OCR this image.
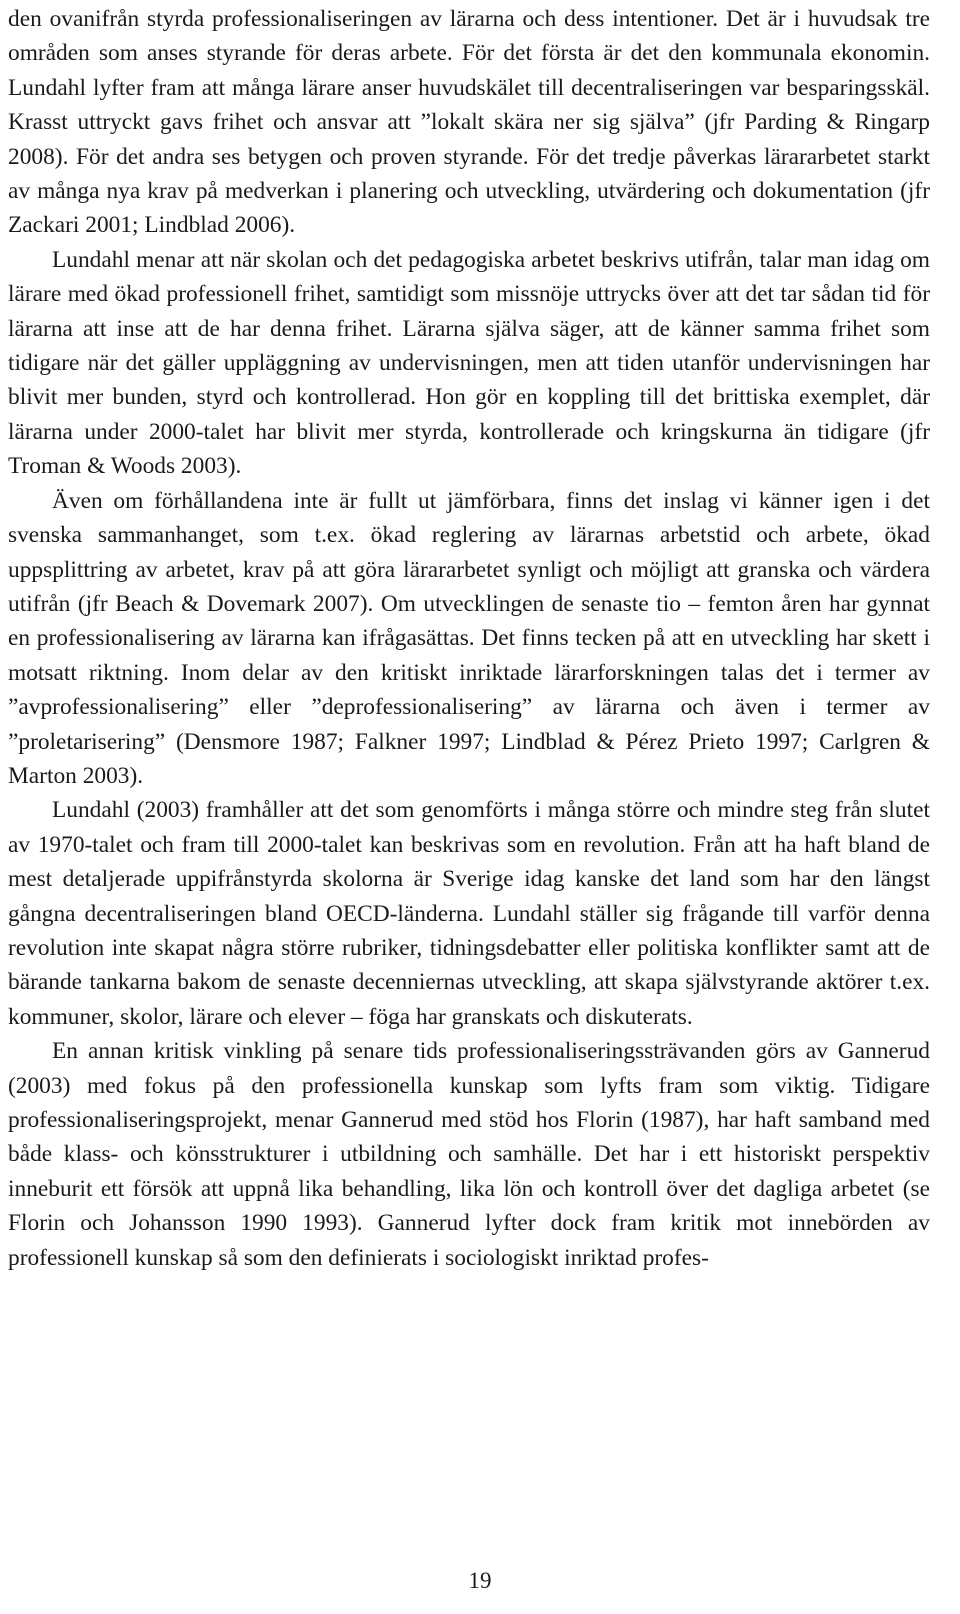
den ovanifrån styrda professionaliseringen av lärarna och dess intentioner. Det är i huvudsak tre områden som anses styrande för deras arbete. För det första är det den kommunala ekonomin. Lundahl lyfter fram att många lärare anser huvudskälet till decentraliseringen var besparingsskäl. Krasst uttryckt gavs frihet och ansvar att ”lokalt skära ner sig själva” (jfr Parding & Ringarp 2008). För det andra ses betygen och proven styrande. För det tredje påverkas lärararbetet starkt av många nya krav på medverkan i planering och utveckling, utvärdering och dokumentation (jfr Zackari 2001; Lindblad 2006).

Lundahl menar att när skolan och det pedagogiska arbetet beskrivs utifrån, talar man idag om lärare med ökad professionell frihet, samtidigt som missnöje uttrycks över att det tar sådan tid för lärarna att inse att de har denna frihet. Lärarna själva säger, att de känner samma frihet som tidigare när det gäller uppläggning av undervisningen, men att tiden utanför undervisningen har blivit mer bunden, styrd och kontrollerad. Hon gör en koppling till det brittiska exemplet, där lärarna under 2000-talet har blivit mer styrda, kontrollerade och kringskurna än tidigare (jfr Troman & Woods 2003).

Även om förhållandena inte är fullt ut jämförbara, finns det inslag vi känner igen i det svenska sammanhanget, som t.ex. ökad reglering av lärarnas arbetstid och arbete, ökad uppsplittring av arbetet, krav på att göra lärararbetet synligt och möjligt att granska och värdera utifrån (jfr Beach & Dovemark 2007). Om utvecklingen de senaste tio – femton åren har gynnat en professionalisering av lärarna kan ifrågasättas. Det finns tecken på att en utveckling har skett i motsatt riktning. Inom delar av den kritiskt inriktade lärarforskningen talas det i termer av ”avprofessionalisering” eller ”deprofessionalisering” av lärarna och även i termer av ”proletarisering” (Densmore 1987; Falkner 1997; Lindblad & Pérez Prieto 1997; Carlgren & Marton 2003).

Lundahl (2003) framhåller att det som genomförts i många större och mindre steg från slutet av 1970-talet och fram till 2000-talet kan beskrivas som en revolution. Från att ha haft bland de mest detaljerade uppifrånstyrda skolorna är Sverige idag kanske det land som har den längst gångna decentraliseringen bland OECD-länderna. Lundahl ställer sig frågande till varför denna revolution inte skapat några större rubriker, tidningsdebatter eller politiska konflikter samt att de bärande tankarna bakom de senaste decenniernas utveckling, att skapa självstyrande aktörer t.ex. kommuner, skolor, lärare och elever – föga har granskats och diskuterats.

En annan kritisk vinkling på senare tids professionaliseringssträvanden görs av Gannerud (2003) med fokus på den professionella kunskap som lyfts fram som viktig. Tidigare professionaliseringsprojekt, menar Gannerud med stöd hos Florin (1987), har haft samband med både klass- och könsstrukturer i utbildning och samhälle. Det har i ett historiskt perspektiv inneburit ett försök att uppnå lika behandling, lika lön och kontroll över det dagliga arbetet (se Florin och Johansson 1990 1993). Gannerud lyfter dock fram kritik mot innebörden av professionell kunskap så som den definierats i sociologiskt inriktad profes-

19
